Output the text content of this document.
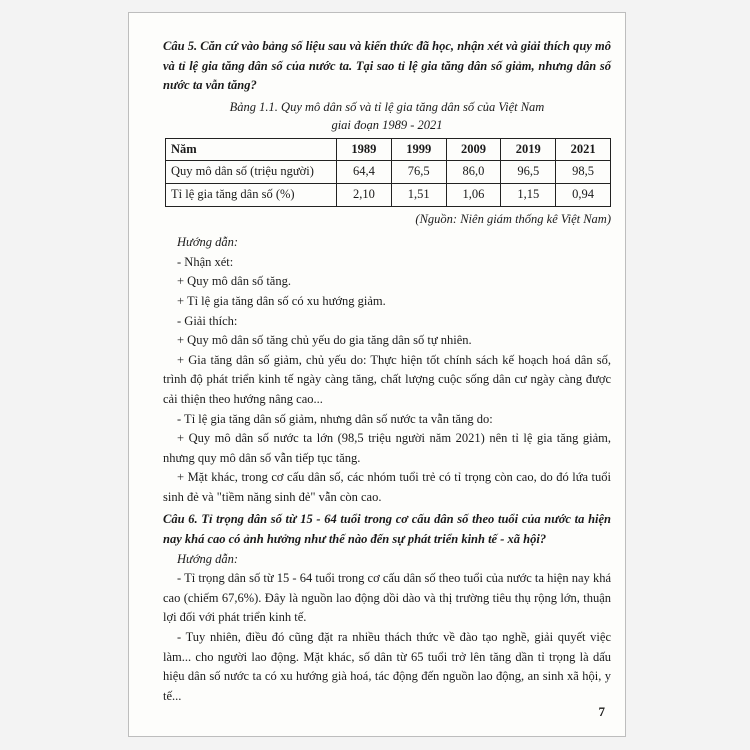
Câu 5. Căn cứ vào bảng số liệu sau và kiến thức đã học, nhận xét và giải thích quy mô và tỉ lệ gia tăng dân số của nước ta. Tại sao tỉ lệ gia tăng dân số giảm, nhưng dân số nước ta vẫn tăng?

Bảng 1.1. Quy mô dân số và tỉ lệ gia tăng dân số của Việt Nam
giai đoạn 1989 - 2021

Năm	1989	1999	2009	2019	2021
Quy mô dân số (triệu người)	64,4	76,5	86,0	96,5	98,5
Tỉ lệ gia tăng dân số (%)	2,10	1,51	1,06	1,15	0,94

(Nguồn: Niên giám thống kê Việt Nam)

Hướng dẫn:

- Nhận xét:

+ Quy mô dân số tăng.

+ Tỉ lệ gia tăng dân số có xu hướng giảm.

- Giải thích:

+ Quy mô dân số tăng chủ yếu do gia tăng dân số tự nhiên.

+ Gia tăng dân số giảm, chủ yếu do: Thực hiện tốt chính sách kế hoạch hoá dân số, trình độ phát triển kinh tế ngày càng tăng, chất lượng cuộc sống dân cư ngày càng được cải thiện theo hướng nâng cao...

- Tỉ lệ gia tăng dân số giảm, nhưng dân số nước ta vẫn tăng do:

+ Quy mô dân số nước ta lớn (98,5 triệu người năm 2021) nên tỉ lệ gia tăng giảm, nhưng quy mô dân số vẫn tiếp tục tăng.

+ Mặt khác, trong cơ cấu dân số, các nhóm tuổi trẻ có tỉ trọng còn cao, do đó lứa tuổi sinh đẻ và "tiềm năng sinh đẻ" vẫn còn cao.

Câu 6. Tỉ trọng dân số từ 15 - 64 tuổi trong cơ cấu dân số theo tuổi của nước ta hiện nay khá cao có ảnh hưởng như thế nào đến sự phát triển kinh tế - xã hội?

Hướng dẫn:

- Tỉ trọng dân số từ 15 - 64 tuổi trong cơ cấu dân số theo tuổi của nước ta hiện nay khá cao (chiếm 67,6%). Đây là nguồn lao động dồi dào và thị trường tiêu thụ rộng lớn, thuận lợi đối với phát triển kinh tế.

- Tuy nhiên, điều đó cũng đặt ra nhiều thách thức về đào tạo nghề, giải quyết việc làm... cho người lao động. Mặt khác, số dân từ 65 tuổi trở lên tăng dần tỉ trọng là dấu hiệu dân số nước ta có xu hướng già hoá, tác động đến nguồn lao động, an sinh xã hội, y tế...

7
